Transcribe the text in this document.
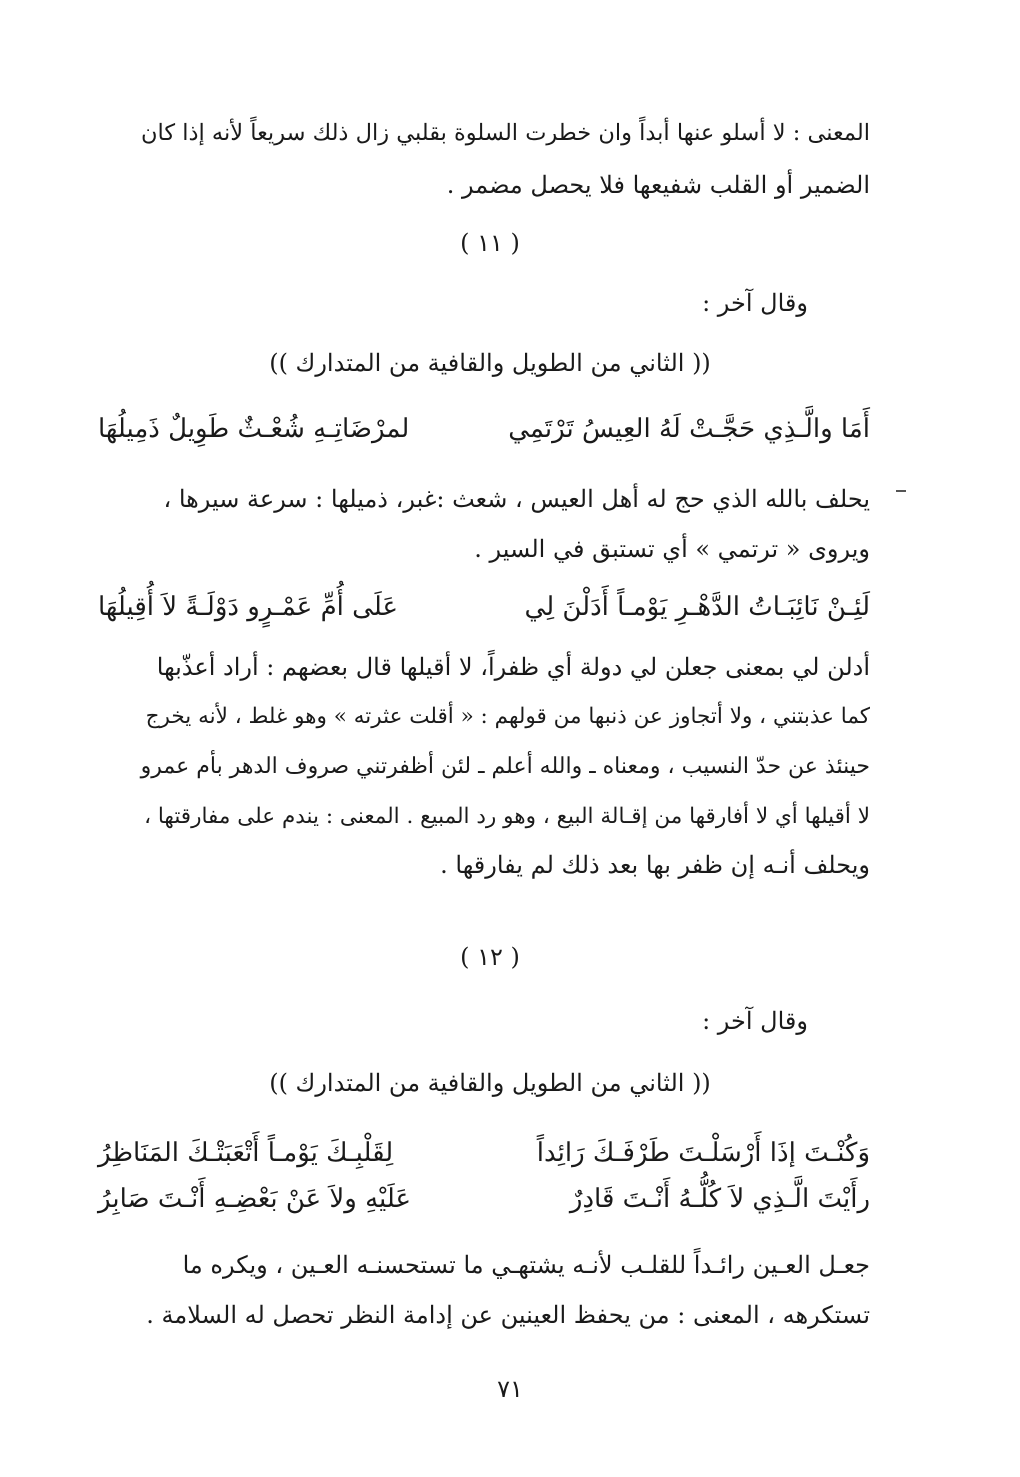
المعنى : لا أسلو عنها أبداً وان خطرت السلوة بقلبي زال ذلك سريعاً لأنه إذا كان
الضمير أو القلب شفيعها فلا يحصل مضمر .
( ١١ )
وقال آخر :
(( الثاني من الطويل والقافية من المتدارك ))
أَمَا والَّـذِي حَجَّـتْ لَهُ العِيسُ تَرْتَمِي
لمرْضَاتِـهِ شُعْـثٌ طَوِيلٌ ذَمِيلُهَا
يحلف بالله الذي حج له أهل العيس ، شعث :غبر، ذميلها : سرعة سيرها ،
ويروى « ترتمي » أي تستبق في السير .
لَئِـنْ نَائِبَـاتُ الدَّهْـرِ يَوْمـاً أَدَلْنَ لِي
عَلَى أُمِّ عَمْـرٍو دَوْلَـةً لاَ أُقِيلُهَا
أدلن لي بمعنى جعلن لي دولة أي ظفراً، لا أقيلها قال بعضهم : أراد أعذّبها
كما عذبتني ، ولا أتجاوز عن ذنبها من قولهم : « أقلت عثرته » وهو غلط ، لأنه يخرج
حينئذ عن حدّ النسيب ، ومعناه ـ والله أعلم ـ لئن أظفرتني صروف الدهر بأم عمرو
لا أقيلها أي لا أفارقها من إقـالة البيع ، وهو رد المبيع . المعنى : يندم على مفارقتها ،
ويحلف أنـه إن ظفر بها بعد ذلك لم يفارقها .
( ١٢ )
وقال آخر :
(( الثاني من الطويل والقافية من المتدارك ))
وَكُنْـتَ إذَا أَرْسَلْـتَ طَرْفَـكَ رَائِداً
لِقَلْبِـكَ يَوْمـاً أَتْعَبَتْـكَ المَنَاظِرُ
رأَيْتَ الَّـذِي لاَ كُلُّـهُ أَنْـتَ قَادِرٌ
عَلَيْهِ ولاَ عَنْ بَعْضِـهِ أَنْـتَ صَابِرُ
جعـل العـين رائـداً للقلـب لأنـه يشتهـي ما تستحسنـه العـين ، ويكره ما
تستكرهه ، المعنى : من يحفظ العينين عن إدامة النظر تحصل له السلامة .
٧١
